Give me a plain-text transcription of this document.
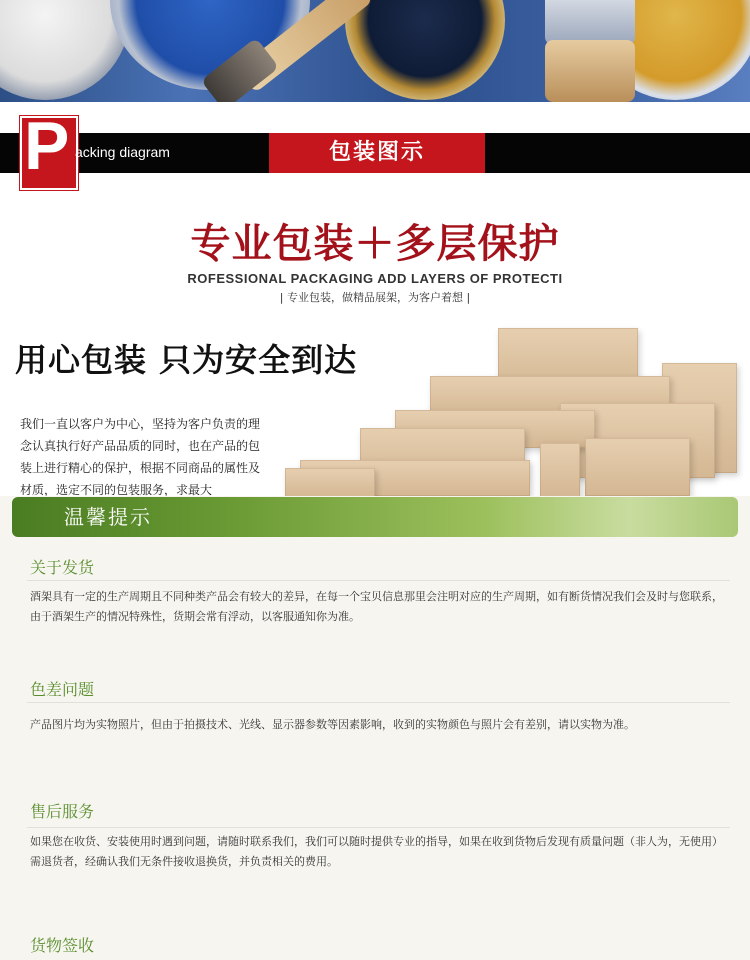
P acking diagram	包装图示
专业包装＋多层保护
ROFESSIONAL PACKAGING ADD LAYERS OF PROTECTI
| 专业包装，做精品展架，为客户着想 |
用心包装 只为安全到达
我们一直以客户为中心，坚持为客户负责的理念认真执行好产品品质的同时，也在产品的包装上进行精心的保护，根据不同商品的属性及材质，选定不同的包装服务，求最大
温馨提示
关于发货
酒架具有一定的生产周期且不同种类产品会有较大的差异，在每一个宝贝信息那里会注明对应的生产周期，如有断货情况我们会及时与您联系，由于酒架生产的情况特殊性，货期会常有浮动，以客服通知你为准。
色差问题
产品图片均为实物照片，但由于拍摄技术、光线、显示器参数等因素影响，收到的实物颜色与照片会有差别，请以实物为准。
售后服务
如果您在收货、安装使用时遇到问题，请随时联系我们，我们可以随时提供专业的指导，如果在收到货物后发现有质量问题（非人为，无使用）需退货者，经确认我们无条件接收退换货，并负责相关的费用。
货物签收
